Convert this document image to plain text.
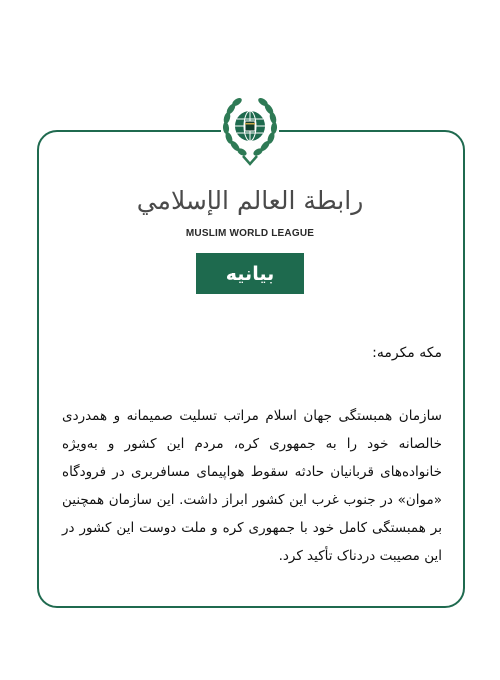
رابطة العالم الإسلامي
MUSLIM WORLD LEAGUE
بیانیه
مکه مکرمه:
سازمان همبستگی جهان اسلام مراتب تسلیت صمیمانه و همدردی خالصانه خود را به جمهوری کره، مردم این کشور و به‌ویژه خانواده‌های قربانیان حادثه سقوط هواپیمای مسافربری در فرودگاه «موان» در جنوب غرب این کشور ابراز داشت. این سازمان همچنین بر همبستگی کامل خود با جمهوری کره و ملت دوست این کشور در این مصیبت دردناک تأکید کرد.
